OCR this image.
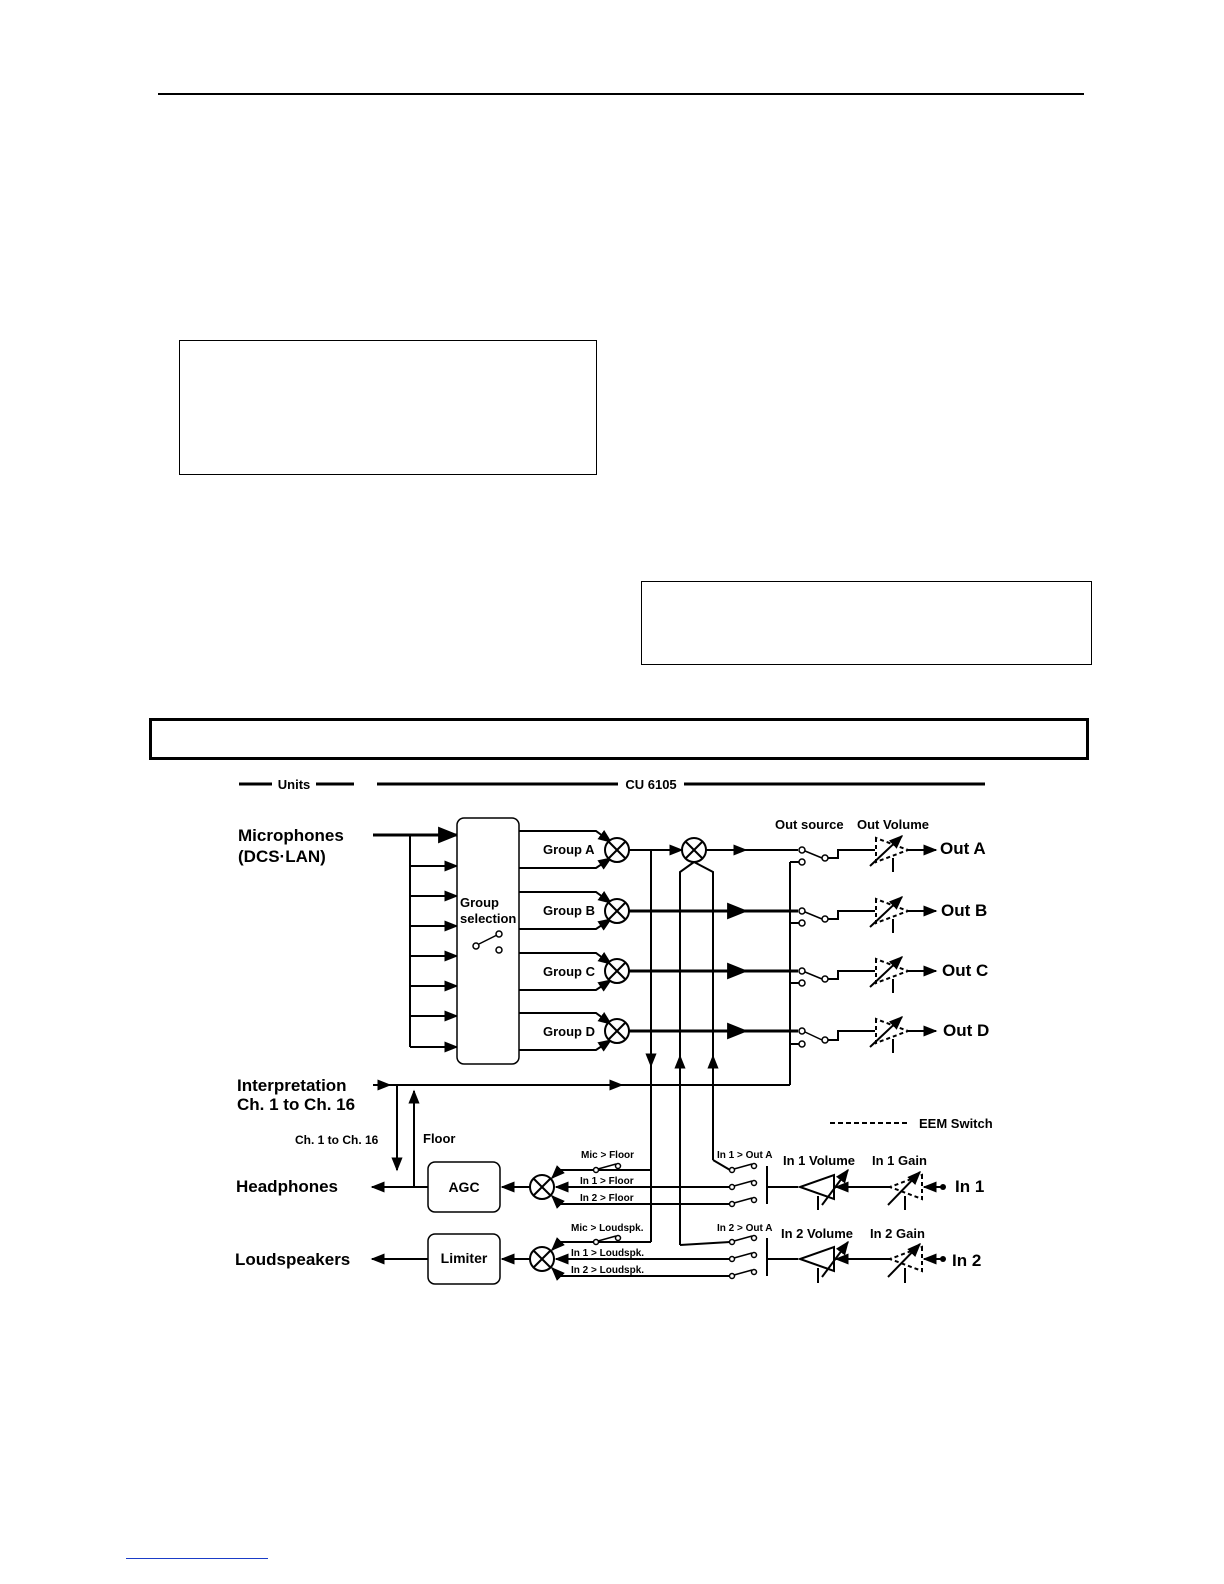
Units	CU 6105
Microphones
(DCS·LAN)
Interpretation
Ch. 1 to Ch. 16
Headphones
Loudspeakers
Group
selection
Group A
Group B
Group C
Group D
Ch. 1 to Ch. 16	Floor
Out source Out Volume
Out A
Out B
Out C
Out D
EEM Switch
AGC
Limiter
Mic > Floor
In 1 > Floor
In 2 > Floor
Mic > Loudspk.
In 1 > Loudspk.
In 2 > Loudspk.
In 1 > Out A
In 2 > Out A
In 1 Volume In 1 Gain
In 2 Volume In 2 Gain
In 1
In 2
